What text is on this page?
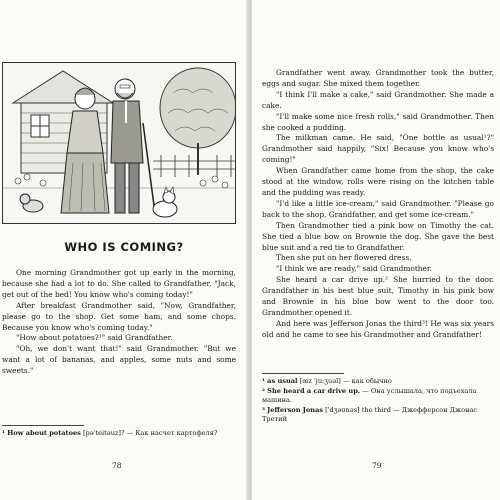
WHO IS COMING?

One morning Grandmother got up early in the morning, because she had a lot to do. She called to Grandfather, "Jack, get out of the bed! You know who's coming today!"

After breakfast Grandmother said, "Now, Grandfather, please go to the shop. Get some ham, and some chops. Because you know who's coming today."

"How about potatoes?¹" said Grandfather.

"Oh, we don't want that!" said Grandmother. "But we want a lot of bananas, and apples, some nuts and some sweets."

¹ How about potatoes [pəˈteitəuz]? — Как насчет картофеля?

78

Grandfather went away. Grandmother took the butter, eggs and sugar. She mixed them together.

"I think I'll make a cake," said Grandmother. She made a cake.

"I'll make some nice fresh rolls," said Grandmother. Then she cooked a pudding.

The milkman came. He said, "One bottle as usual¹?" Grandmother said happily, "Six! Because you know who's coming!"

When Grandfather came home from the shop, the cake stood at the window, rolls were rising on the kitchen table and the pudding was ready.

"I'd like a little ice-cream," said Grandmother. "Please go back to the shop, Grandfather, and get some ice-cream."

Then Grandmother tied a pink bow on Timothy the cat. She tied a blue bow on Brownie the dog. She gave the best blue suit and a red tie to Grandfather.

Then she put on her flowered dress.

"I think we are ready," said Grandmother.

She heard a car drive up.² She hurried to the door. Grandfather in his best blue suit, Timothy in his pink bow and Brownie in his blue bow went to the door too. Grandmother opened it.

And here was Jefferson Jonas the third³! He was six years old and he came to see his Grandmother and Grandfather!

¹ as usual [æz ˈjuːʒuəl] — как обычно

² She heard a car drive up. — Она услышала, что подъехала машина.

³ Jefferson Jonas [ˈdʒəʊnəs] the third — Джефферсон Джонас Третий

79
